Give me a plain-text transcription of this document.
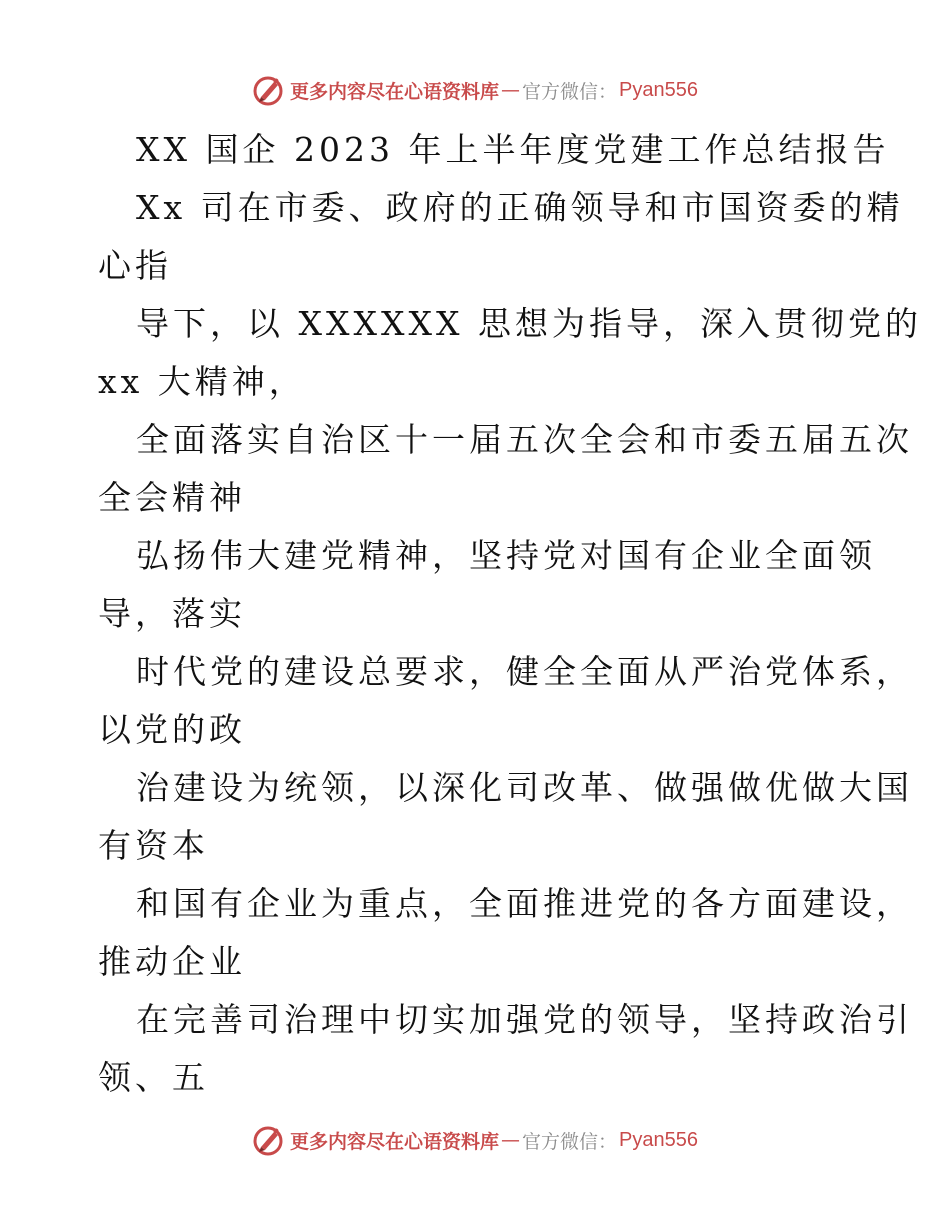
更多内容尽在心语资料库 — 官方微信： Pyan556
XX 国企 2023 年上半年度党建工作总结报告
Xx 司在市委、政府的正确领导和市国资委的精
心指
导下，以 XXXXXX 思想为指导，深入贯彻党的
xx 大精神，
全面落实自治区十一届五次全会和市委五届五次
全会精神
弘扬伟大建党精神，坚持党对国有企业全面领
导，落实
时代党的建设总要求，健全全面从严治党体系，
以党的政
治建设为统领，以深化司改革、做强做优做大国
有资本
和国有企业为重点，全面推进党的各方面建设，
推动企业
在完善司治理中切实加强党的领导，坚持政治引
领、五
更多内容尽在心语资料库 — 官方微信： Pyan556
